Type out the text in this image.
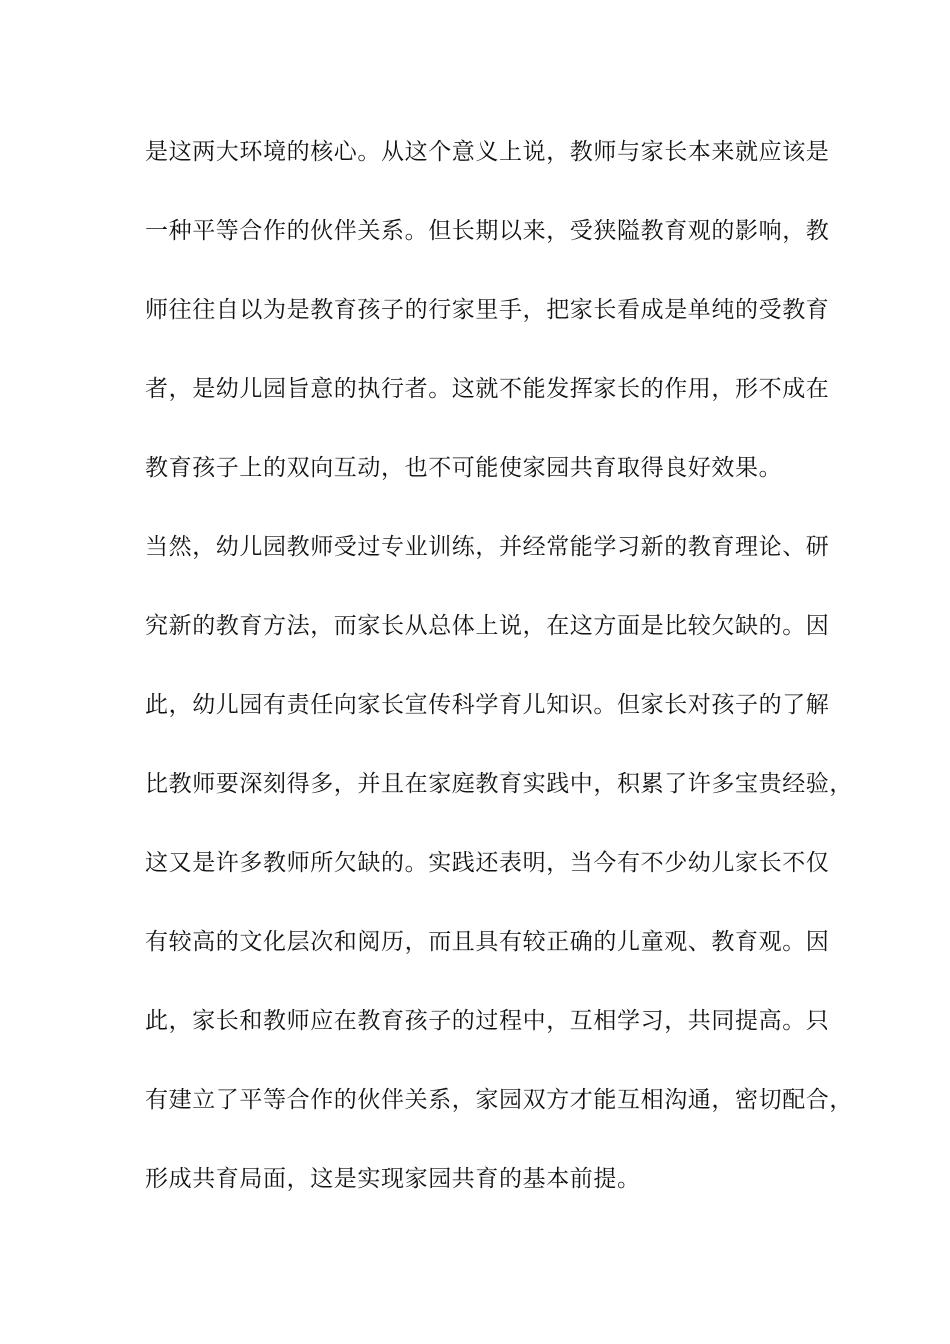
是这两大环境的核心。从这个意义上说，教师与家长本来就应该是
一种平等合作的伙伴关系。但长期以来，受狭隘教育观的影响，教
师往往自以为是教育孩子的行家里手，把家长看成是单纯的受教育
者，是幼儿园旨意的执行者。这就不能发挥家长的作用，形不成在
教育孩子上的双向互动，也不可能使家园共育取得良好效果。
当然，幼儿园教师受过专业训练，并经常能学习新的教育理论、研
究新的教育方法，而家长从总体上说，在这方面是比较欠缺的。因
此，幼儿园有责任向家长宣传科学育儿知识。但家长对孩子的了解
比教师要深刻得多，并且在家庭教育实践中，积累了许多宝贵经验，
这又是许多教师所欠缺的。实践还表明，当今有不少幼儿家长不仅
有较高的文化层次和阅历，而且具有较正确的儿童观、教育观。因
此，家长和教师应在教育孩子的过程中，互相学习，共同提高。只
有建立了平等合作的伙伴关系，家园双方才能互相沟通，密切配合，
形成共育局面，这是实现家园共育的基本前提。
